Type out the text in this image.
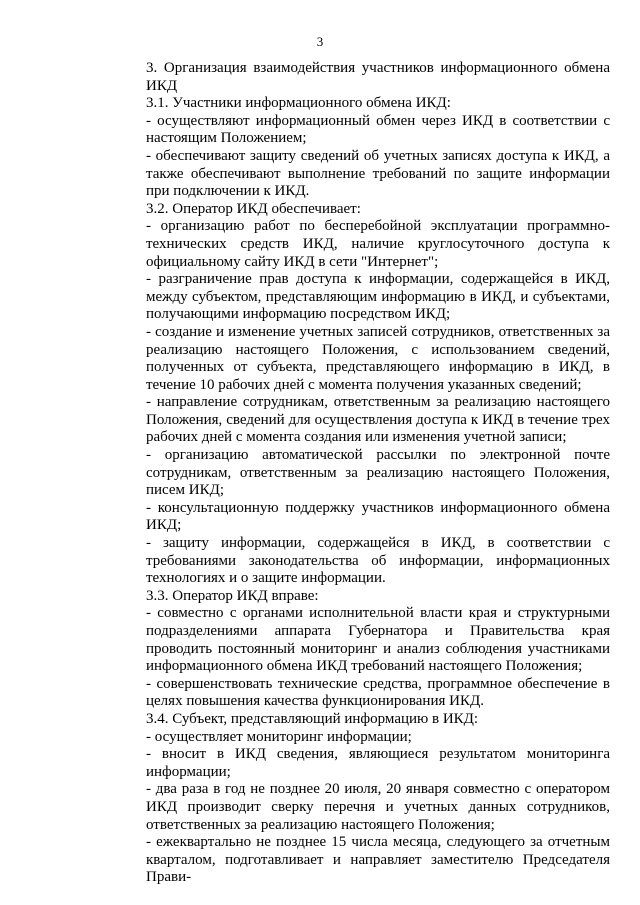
3

3. Организация взаимодействия участников информационного обмена ИКД

3.1. Участники информационного обмена ИКД:

- осуществляют информационный обмен через ИКД в соответствии с настоящим Положением;

- обеспечивают защиту сведений об учетных записях доступа к ИКД, а также обеспечивают выполнение требований по защите информации при подключении к ИКД.

3.2. Оператор ИКД обеспечивает:

- организацию работ по бесперебойной эксплуатации программно-технических средств ИКД, наличие круглосуточного доступа к официальному сайту ИКД в сети "Интернет";

- разграничение прав доступа к информации, содержащейся в ИКД, между субъектом, представляющим информацию в ИКД, и субъектами, получающими информацию посредством ИКД;

- создание и изменение учетных записей сотрудников, ответственных за реализацию настоящего Положения, с использованием сведений, полученных от субъекта, представляющего информацию в ИКД, в течение 10 рабочих дней с момента получения указанных сведений;

- направление сотрудникам, ответственным за реализацию настоящего Положения, сведений для осуществления доступа к ИКД в течение трех рабочих дней с момента создания или изменения учетной записи;

- организацию автоматической рассылки по электронной почте сотрудникам, ответственным за реализацию настоящего Положения, писем ИКД;

- консультационную поддержку участников информационного обмена ИКД;

- защиту информации, содержащейся в ИКД, в соответствии с требованиями законодательства об информации, информационных технологиях и о защите информации.

3.3. Оператор ИКД вправе:

- совместно с органами исполнительной власти края и структурными подразделениями аппарата Губернатора и Правительства края проводить постоянный мониторинг и анализ соблюдения участниками информационного обмена ИКД требований настоящего Положения;

- совершенствовать технические средства, программное обеспечение в целях повышения качества функционирования ИКД.

3.4. Субъект, представляющий информацию в ИКД:

- осуществляет мониторинг информации;

- вносит в ИКД сведения, являющиеся результатом мониторинга информации;

- два раза в год не позднее 20 июля, 20 января совместно с оператором ИКД производит сверку перечня и учетных данных сотрудников, ответственных за реализацию настоящего Положения;

- ежеквартально не позднее 15 числа месяца, следующего за отчетным кварталом, подготавливает и направляет заместителю Председателя Прави-
